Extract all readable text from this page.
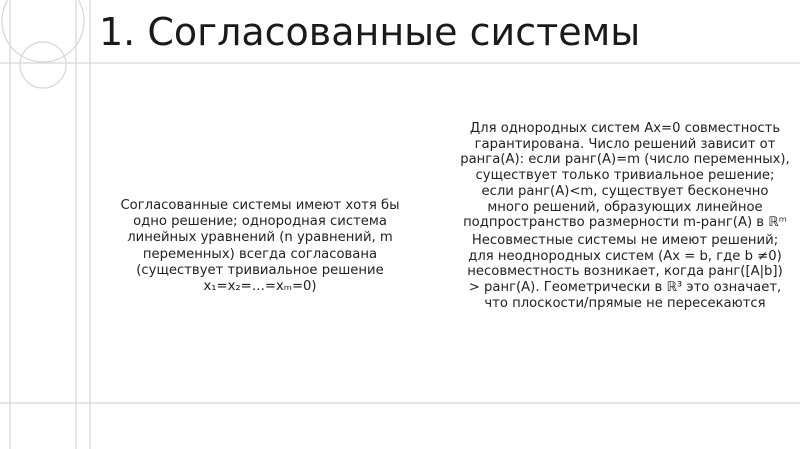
1. Согласованные системы

Согласованные системы имеют хотя бы одно решение; однородная система линейных уравнений (n уравнений, m переменных) всегда согласована (существует тривиальное решение x₁=x₂=…=xₘ=0)

Для однородных систем Ax=0 совместность гарантирована. Число решений зависит от ранга(A): если ранг(A)=m (число переменных), существует только тривиальное решение; если ранг(A)<m, существует бесконечно много решений, образующих линейное подпространство размерности m-ранг(A) в ℝᵐ

Несовместные системы не имеют решений; для неоднородных систем (Ax = b, где b ≠0) несовместность возникает, когда ранг([A|b]) > ранг(A). Геометрически в ℝ³ это означает, что плоскости/прямые не пересекаются
